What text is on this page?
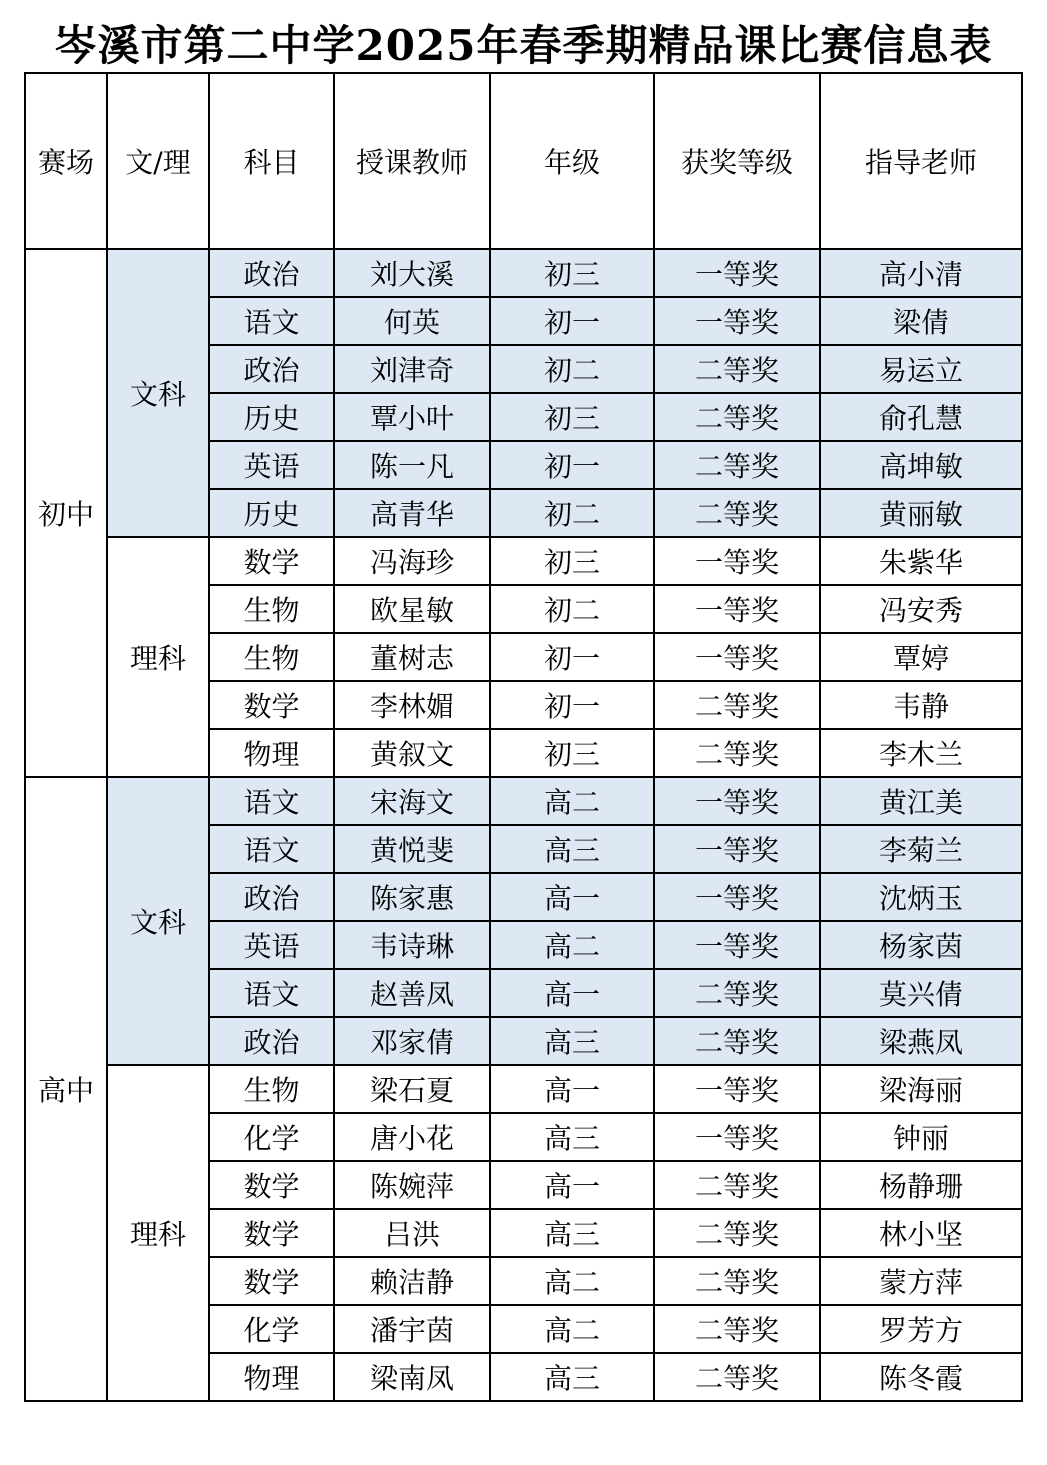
岑溪市第二中学2025年春季期精品课比赛信息表
赛场	文/理	科目	授课教师	年级	获奖等级	指导老师
初中	文科	政治	刘大溪	初三	一等奖	高小清
		语文	何英	初一	一等奖	梁倩
		政治	刘津奇	初二	二等奖	易运立
		历史	覃小叶	初三	二等奖	俞孔慧
		英语	陈一凡	初一	二等奖	高坤敏
		历史	高青华	初二	二等奖	黄丽敏
	理科	数学	冯海珍	初三	一等奖	朱紫华
		生物	欧星敏	初二	一等奖	冯安秀
		生物	董树志	初一	一等奖	覃婷
		数学	李林媚	初一	二等奖	韦静
		物理	黄叙文	初三	二等奖	李木兰
高中	文科	语文	宋海文	高二	一等奖	黄江美
		语文	黄悦斐	高三	一等奖	李菊兰
		政治	陈家惠	高一	一等奖	沈炳玉
		英语	韦诗琳	高二	一等奖	杨家茵
		语文	赵善凤	高一	二等奖	莫兴倩
		政治	邓家倩	高三	二等奖	梁燕凤
	理科	生物	梁石夏	高一	一等奖	梁海丽
		化学	唐小花	高三	一等奖	钟丽
		数学	陈婉萍	高一	二等奖	杨静珊
		数学	吕洪	高三	二等奖	林小坚
		数学	赖洁静	高二	二等奖	蒙方萍
		化学	潘宇茵	高二	二等奖	罗芳方
		物理	梁南凤	高三	二等奖	陈冬霞
